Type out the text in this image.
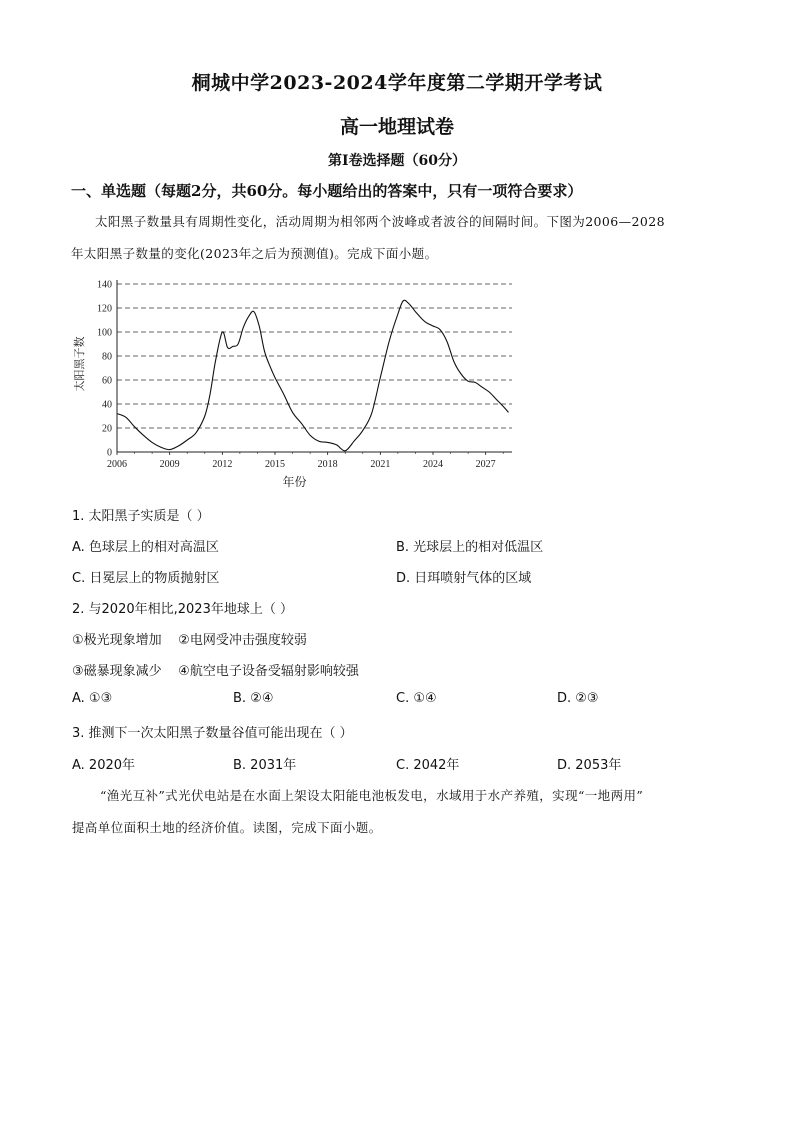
桐城中学2023-2024学年度第二学期开学考试
高一地理试卷
第Ⅰ卷选择题（60分）
一、单选题（每题2分，共60分。每小题给出的答案中，只有一项符合要求）
太阳黑子数量具有周期性变化，活动周期为相邻两个波峰或者波谷的间隔时间。下图为2006—2028
年太阳黑子数量的变化(2023年之后为预测值)。完成下面小题。
0
20
40
60
80
100
120
140
2006	2009	2012	2015	2018	2021	2024	2027
年份
太阳黑子数
1. 太阳黑子实质是（ ）
A. 色球层上的相对高温区	B. 光球层上的相对低温区
C. 日冕层上的物质抛射区	D. 日珥喷射气体的区域
2. 与2020年相比,2023年地球上（ ）
①极光现象增加    ②电网受冲击强度较弱
③磁暴现象减少    ④航空电子设备受辐射影响较强
A. ①③	B. ②④	C. ①④	D. ②③
3. 推测下一次太阳黑子数量谷值可能出现在（ ）
A. 2020年	B. 2031年	C. 2042年	D. 2053年
“渔光互补”式光伏电站是在水面上架设太阳能电池板发电，水域用于水产养殖，实现“一地两用”
提高单位面积土地的经济价值。读图，完成下面小题。
